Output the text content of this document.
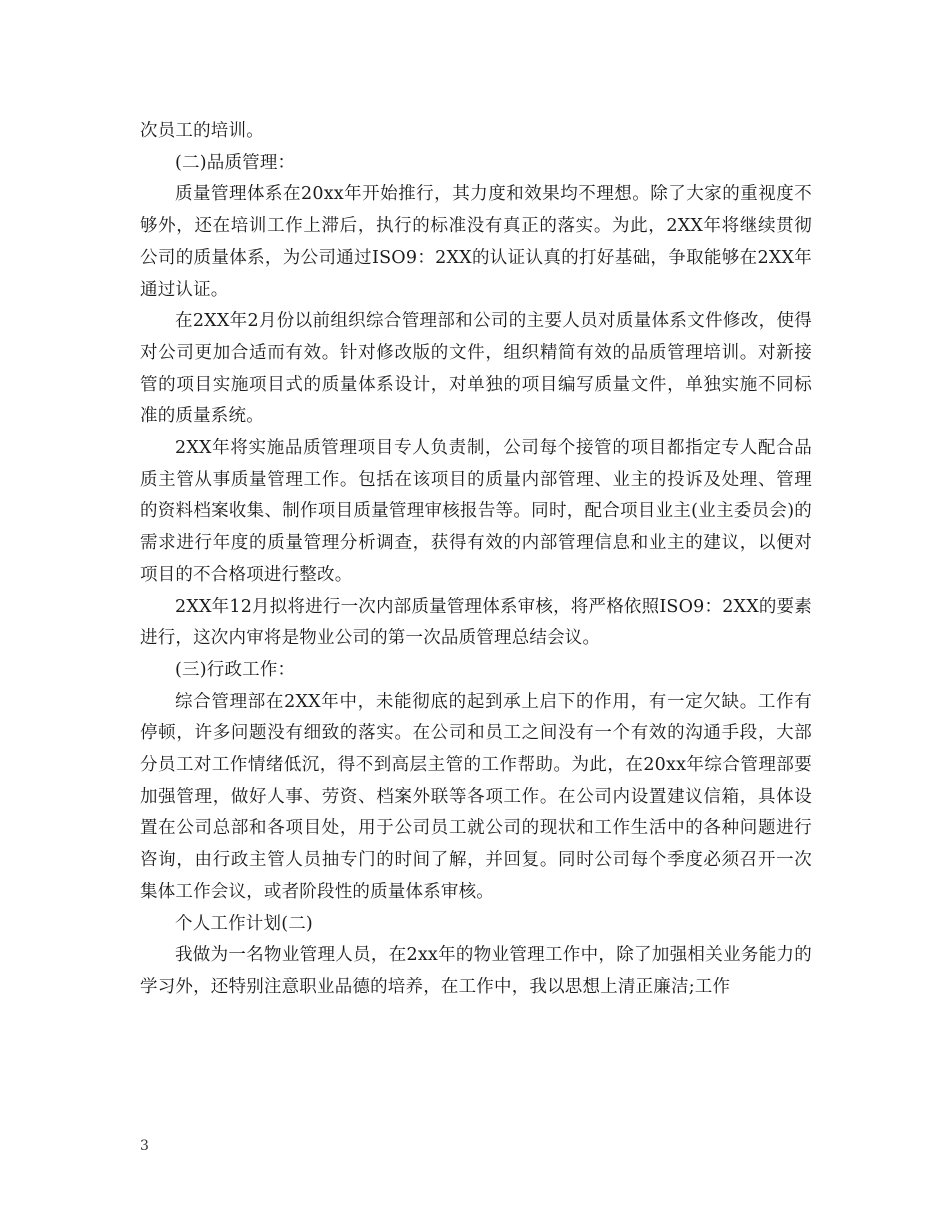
次员工的培训。

(二)品质管理：

质量管理体系在20xx年开始推行，其力度和效果均不理想。除了大家的重视度不够外，还在培训工作上滞后，执行的标准没有真正的落实。为此，2XX年将继续贯彻公司的质量体系，为公司通过ISO9：2XX的认证认真的打好基础，争取能够在2XX年通过认证。

在2XX年2月份以前组织综合管理部和公司的主要人员对质量体系文件修改，使得对公司更加合适而有效。针对修改版的文件，组织精简有效的品质管理培训。对新接管的项目实施项目式的质量体系设计，对单独的项目编写质量文件，单独实施不同标准的质量系统。

2XX年将实施品质管理项目专人负责制，公司每个接管的项目都指定专人配合品质主管从事质量管理工作。包括在该项目的质量内部管理、业主的投诉及处理、管理的资料档案收集、制作项目质量管理审核报告等。同时，配合项目业主(业主委员会)的需求进行年度的质量管理分析调查，获得有效的内部管理信息和业主的建议，以便对项目的不合格项进行整改。

2XX年12月拟将进行一次内部质量管理体系审核，将严格依照ISO9：2XX的要素进行，这次内审将是物业公司的第一次品质管理总结会议。

(三)行政工作：

综合管理部在2XX年中，未能彻底的起到承上启下的作用，有一定欠缺。工作有停顿，许多问题没有细致的落实。在公司和员工之间没有一个有效的沟通手段，大部分员工对工作情绪低沉，得不到高层主管的工作帮助。为此，在20xx年综合管理部要加强管理，做好人事、劳资、档案外联等各项工作。在公司内设置建议信箱，具体设置在公司总部和各项目处，用于公司员工就公司的现状和工作生活中的各种问题进行咨询，由行政主管人员抽专门的时间了解，并回复。同时公司每个季度必须召开一次集体工作会议，或者阶段性的质量体系审核。

个人工作计划(二)

我做为一名物业管理人员，在2xx年的物业管理工作中，除了加强相关业务能力的学习外，还特别注意职业品德的培养，在工作中，我以思想上清正廉洁;工作

3
